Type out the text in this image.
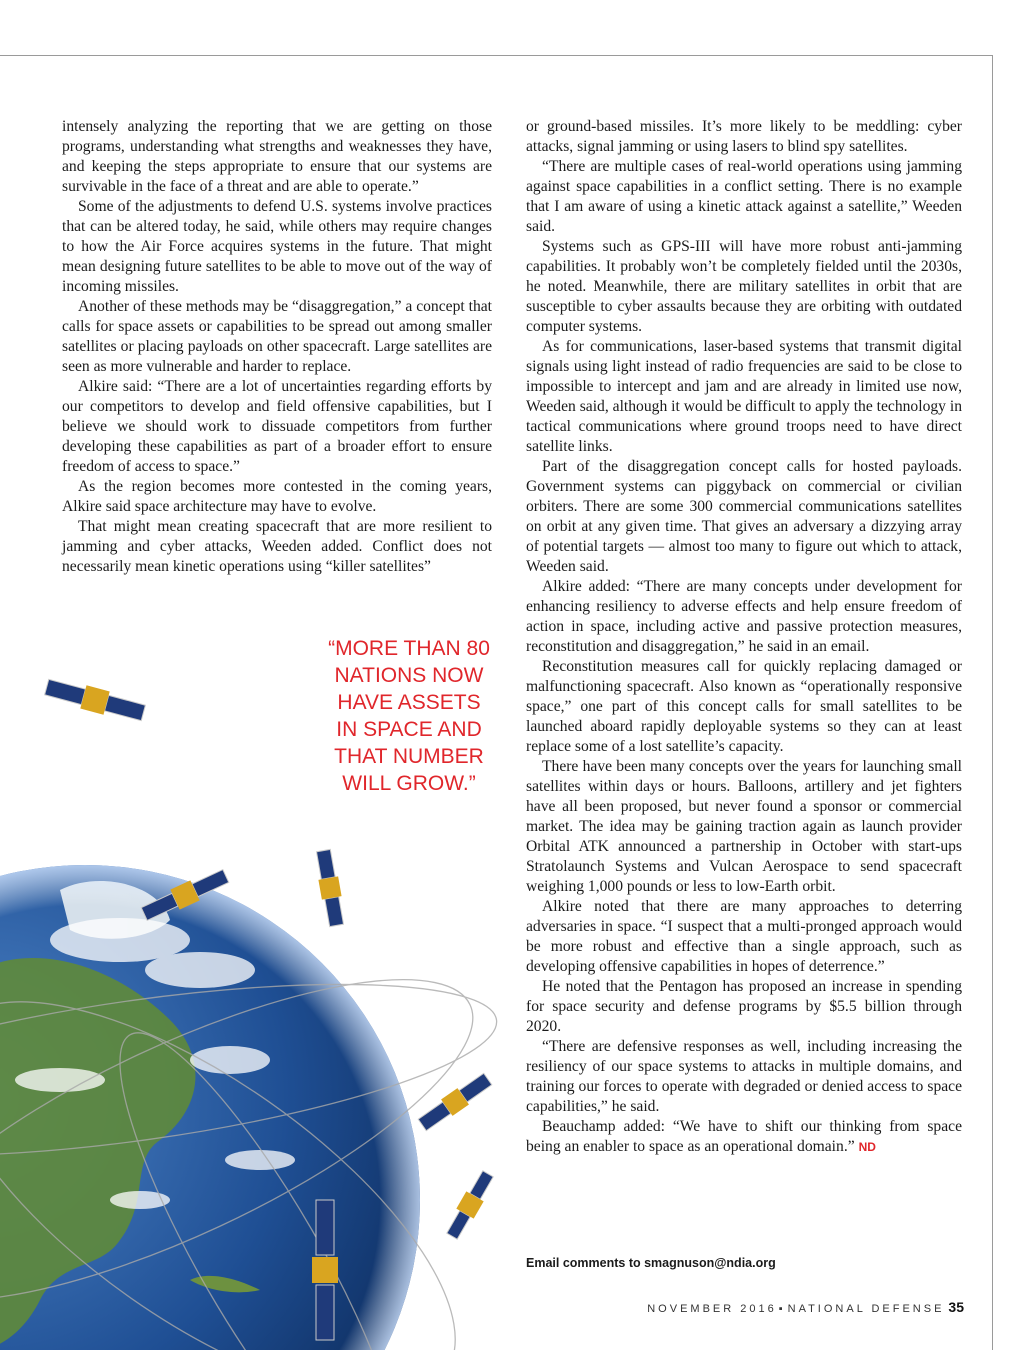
intensely analyzing the reporting that we are getting on those programs, understanding what strengths and weaknesses they have, and keeping the steps appropriate to ensure that our systems are survivable in the face of a threat and are able to operate.”

Some of the adjustments to defend U.S. systems involve practices that can be altered today, he said, while others may require changes to how the Air Force acquires systems in the future. That might mean designing future satellites to be able to move out of the way of incoming missiles.

Another of these methods may be “disaggregation,” a concept that calls for space assets or capabilities to be spread out among smaller satellites or placing payloads on other spacecraft. Large satellites are seen as more vulnerable and harder to replace.

Alkire said: “There are a lot of uncertainties regarding efforts by our competitors to develop and field offensive capabilities, but I believe we should work to dissuade competitors from further developing these capabilities as part of a broader effort to ensure freedom of access to space.”

As the region becomes more contested in the coming years, Alkire said space architecture may have to evolve.

That might mean creating spacecraft that are more resilient to jamming and cyber attacks, Weeden added. Conflict does not necessarily mean kinetic operations using “killer satellites”

or ground-based missiles. It’s more likely to be meddling: cyber attacks, signal jamming or using lasers to blind spy satellites.

“There are multiple cases of real-world operations using jamming against space capabilities in a conflict setting. There is no example that I am aware of using a kinetic attack against a satellite,” Weeden said.

Systems such as GPS-III will have more robust anti-jamming capabilities. It probably won’t be completely fielded until the 2030s, he noted. Meanwhile, there are military satellites in orbit that are susceptible to cyber assaults because they are orbiting with outdated computer systems.

As for communications, laser-based systems that transmit digital signals using light instead of radio frequencies are said to be close to impossible to intercept and jam and are already in limited use now, Weeden said, although it would be difficult to apply the technology in tactical communications where ground troops need to have direct satellite links.

Part of the disaggregation concept calls for hosted payloads. Government systems can piggyback on commercial or civilian orbiters. There are some 300 commercial communications satellites on orbit at any given time. That gives an adversary a dizzying array of potential targets — almost too many to figure out which to attack, Weeden said.

Alkire added: “There are many concepts under development for enhancing resiliency to adverse effects and help ensure freedom of action in space, including active and passive protection measures, reconstitution and disaggregation,” he said in an email.

Reconstitution measures call for quickly replacing damaged or malfunctioning spacecraft. Also known as “operationally responsive space,” one part of this concept calls for small satellites to be launched aboard rapidly deployable systems so they can at least replace some of a lost satellite’s capacity.

There have been many concepts over the years for launching small satellites within days or hours. Balloons, artillery and jet fighters have all been proposed, but never found a sponsor or commercial market. The idea may be gaining traction again as launch provider Orbital ATK announced a partnership in October with start-ups Stratolaunch Systems and Vulcan Aerospace to send spacecraft weighing 1,000 pounds or less to low-Earth orbit.

Alkire noted that there are many approaches to deterring adversaries in space. “I suspect that a multi-pronged approach would be more robust and effective than a single approach, such as developing offensive capabilities in hopes of deterrence.”

He noted that the Pentagon has proposed an increase in spending for space security and defense programs by $5.5 billion through 2020.

“There are defensive responses as well, including increasing the resiliency of our space systems to attacks in multiple domains, and training our forces to operate with degraded or denied access to space capabilities,” he said.

Beauchamp added: “We have to shift our thinking from space being an enabler to space as an operational domain.” ND

“MORE THAN 80 NATIONS NOW HAVE ASSETS IN SPACE AND THAT NUMBER WILL GROW.”
Email comments to smagnuson@ndia.org
NOVEMBER 2016 ▪ NATIONAL DEFENSE 35
